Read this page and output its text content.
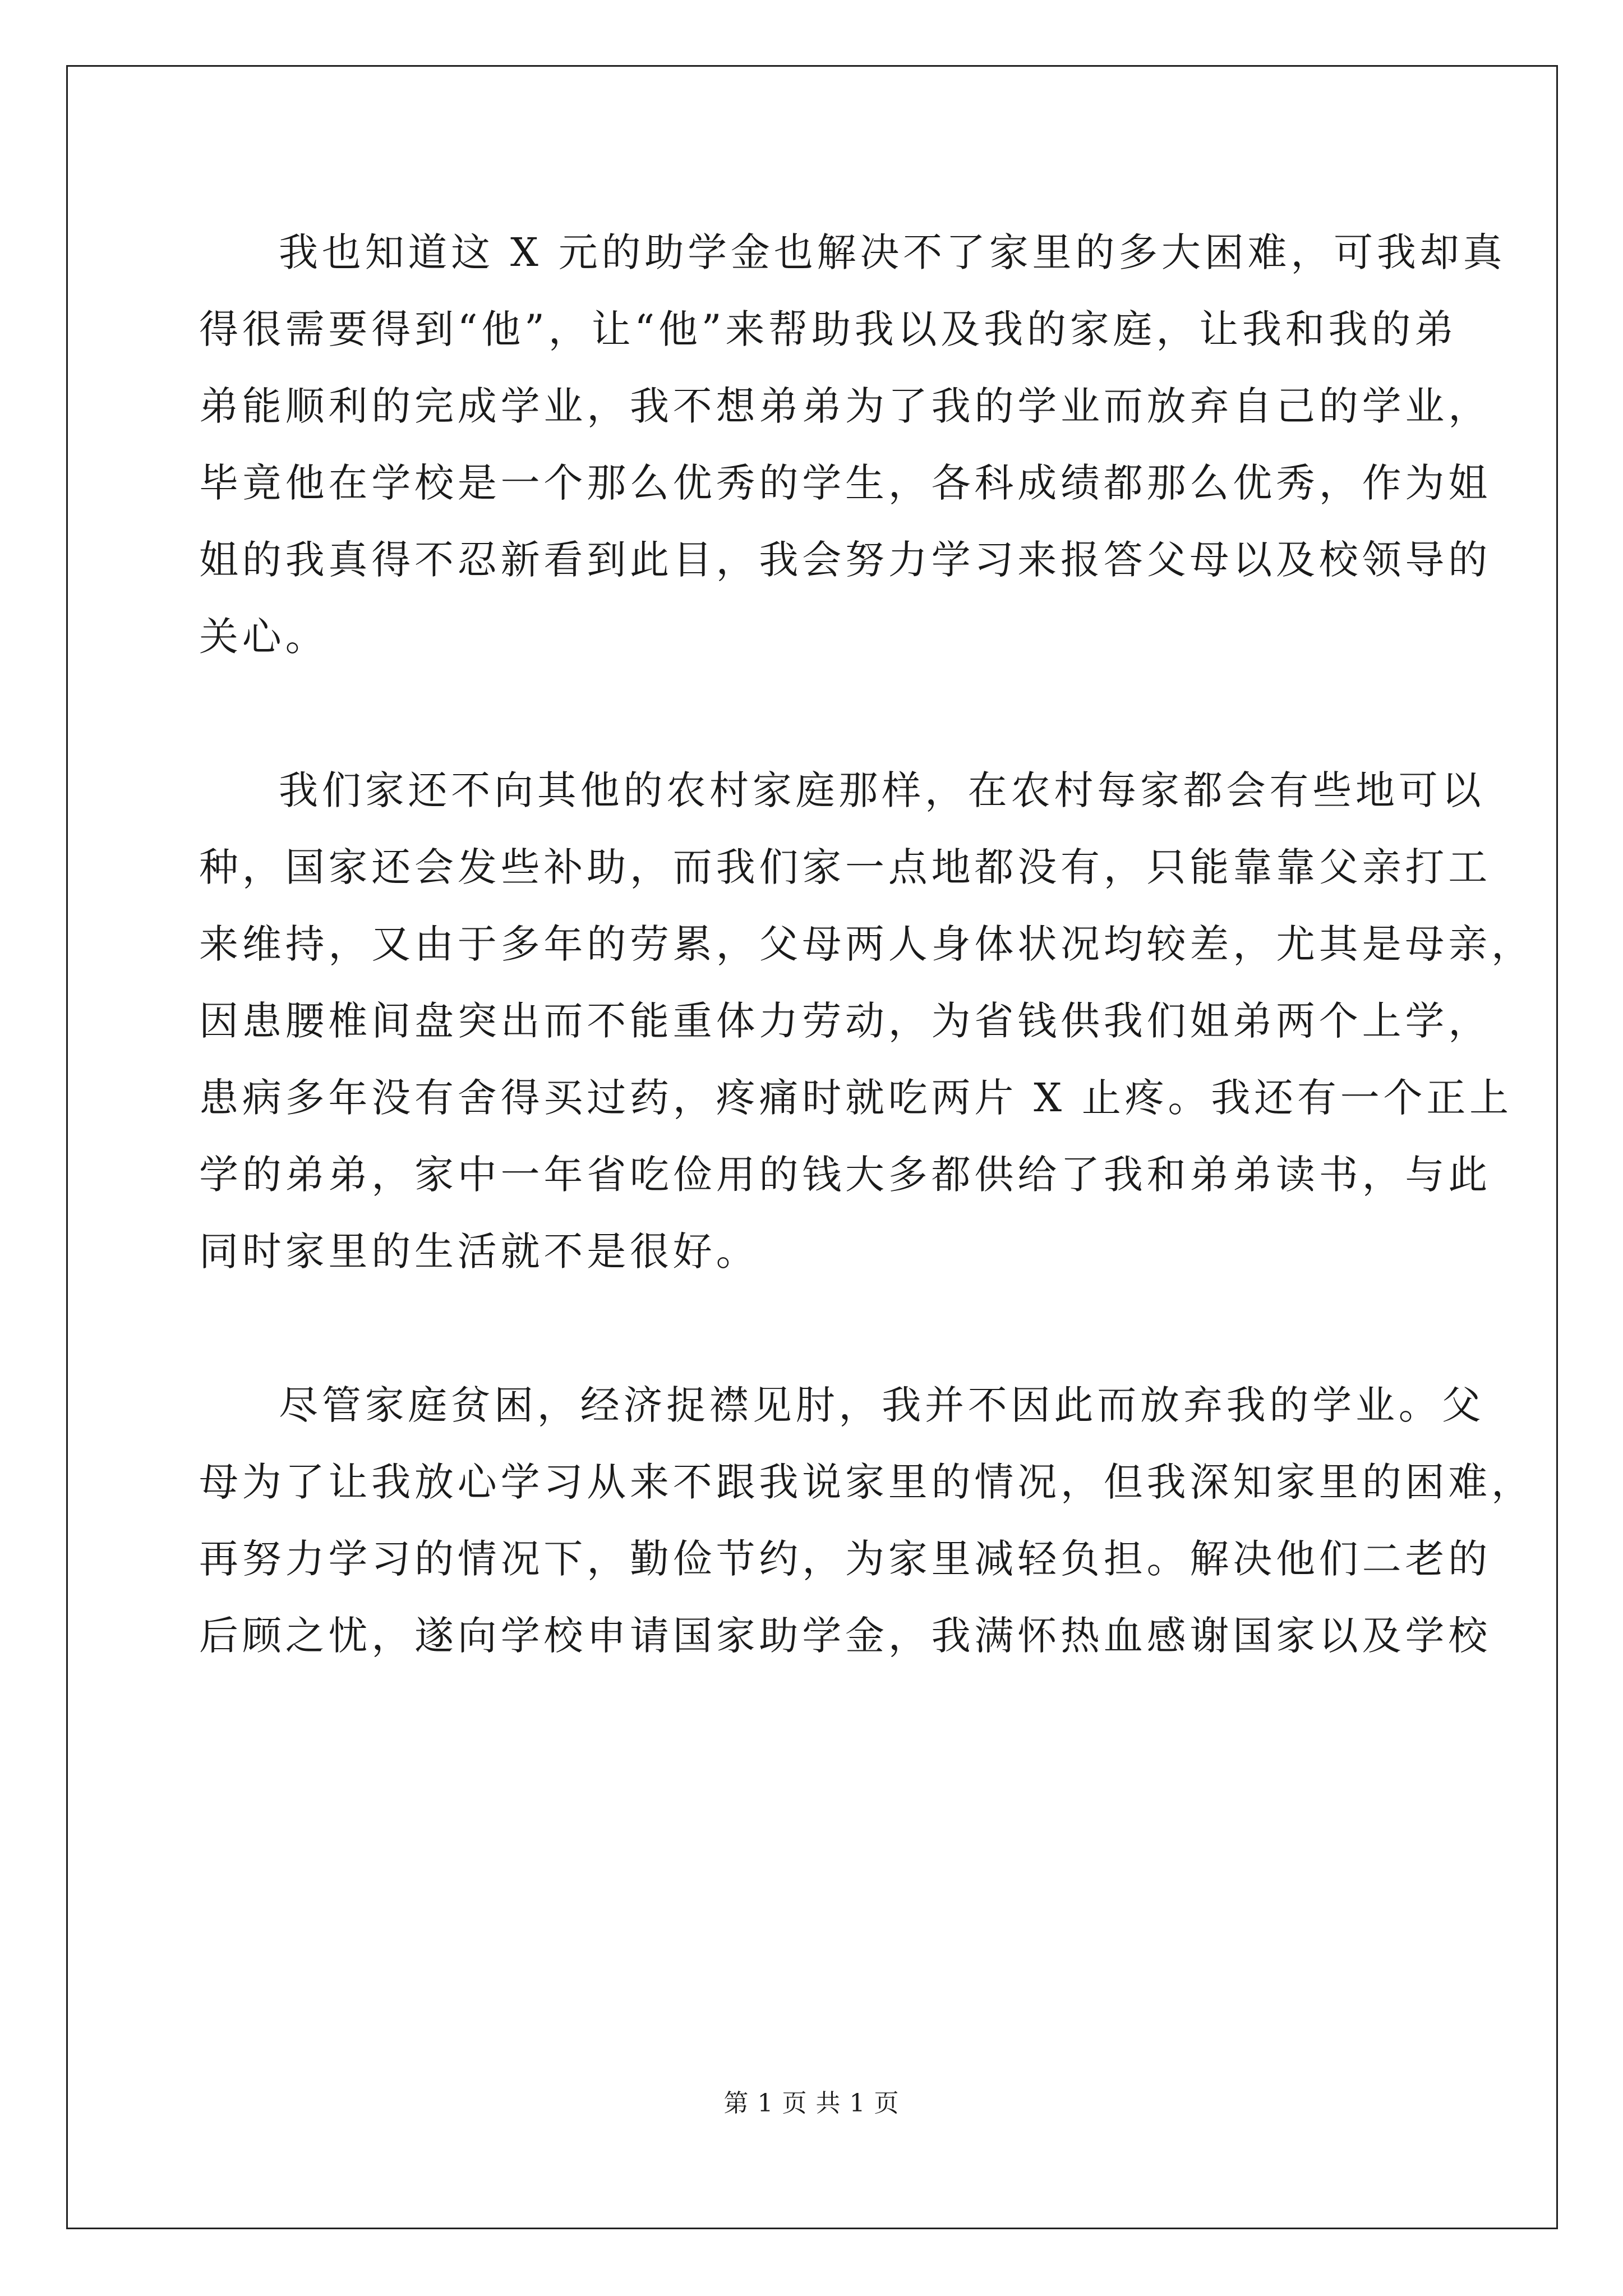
我也知道这 X 元的助学金也解决不了家里的多大困难，可我却真
得很需要得到“他”，让“他”来帮助我以及我的家庭，让我和我的弟
弟能顺利的完成学业，我不想弟弟为了我的学业而放弃自己的学业，
毕竟他在学校是一个那么优秀的学生，各科成绩都那么优秀，作为姐
姐的我真得不忍新看到此目，我会努力学习来报答父母以及校领导的
关心。
我们家还不向其他的农村家庭那样，在农村每家都会有些地可以
种，国家还会发些补助，而我们家一点地都没有，只能靠靠父亲打工
来维持，又由于多年的劳累，父母两人身体状况均较差，尤其是母亲，
因患腰椎间盘突出而不能重体力劳动，为省钱供我们姐弟两个上学，
患病多年没有舍得买过药，疼痛时就吃两片 X 止疼。我还有一个正上
学的弟弟，家中一年省吃俭用的钱大多都供给了我和弟弟读书，与此
同时家里的生活就不是很好。
尽管家庭贫困，经济捉襟见肘，我并不因此而放弃我的学业。父
母为了让我放心学习从来不跟我说家里的情况，但我深知家里的困难，
再努力学习的情况下，勤俭节约，为家里减轻负担。解决他们二老的
后顾之忧，遂向学校申请国家助学金，我满怀热血感谢国家以及学校
第 1 页 共 1 页
